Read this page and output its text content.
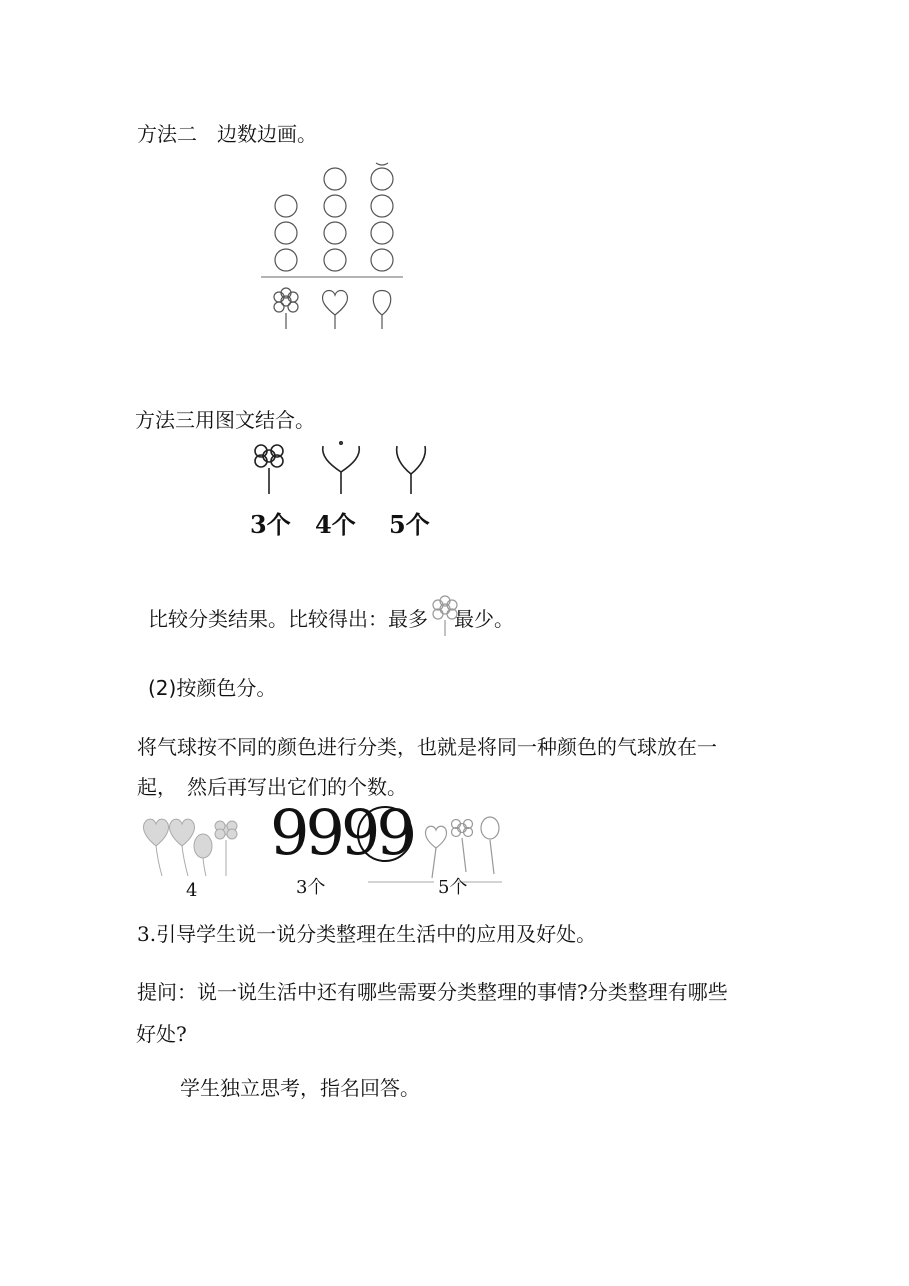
方法二　边数边画。
方法三用图文结合。
3个 4个 5个
比较分类结果。比较得出：最多 最少。
(2)按颜色分。
将气球按不同的颜色进行分类，也就是将同一种颜色的气球放在一
起，　然后再写出它们的个数。
9999
4	3个	5个
3.引导学生说一说分类整理在生活中的应用及好处。
提问：说一说生活中还有哪些需要分类整理的事情?分类整理有哪些
好处?
学生独立思考，指名回答。
